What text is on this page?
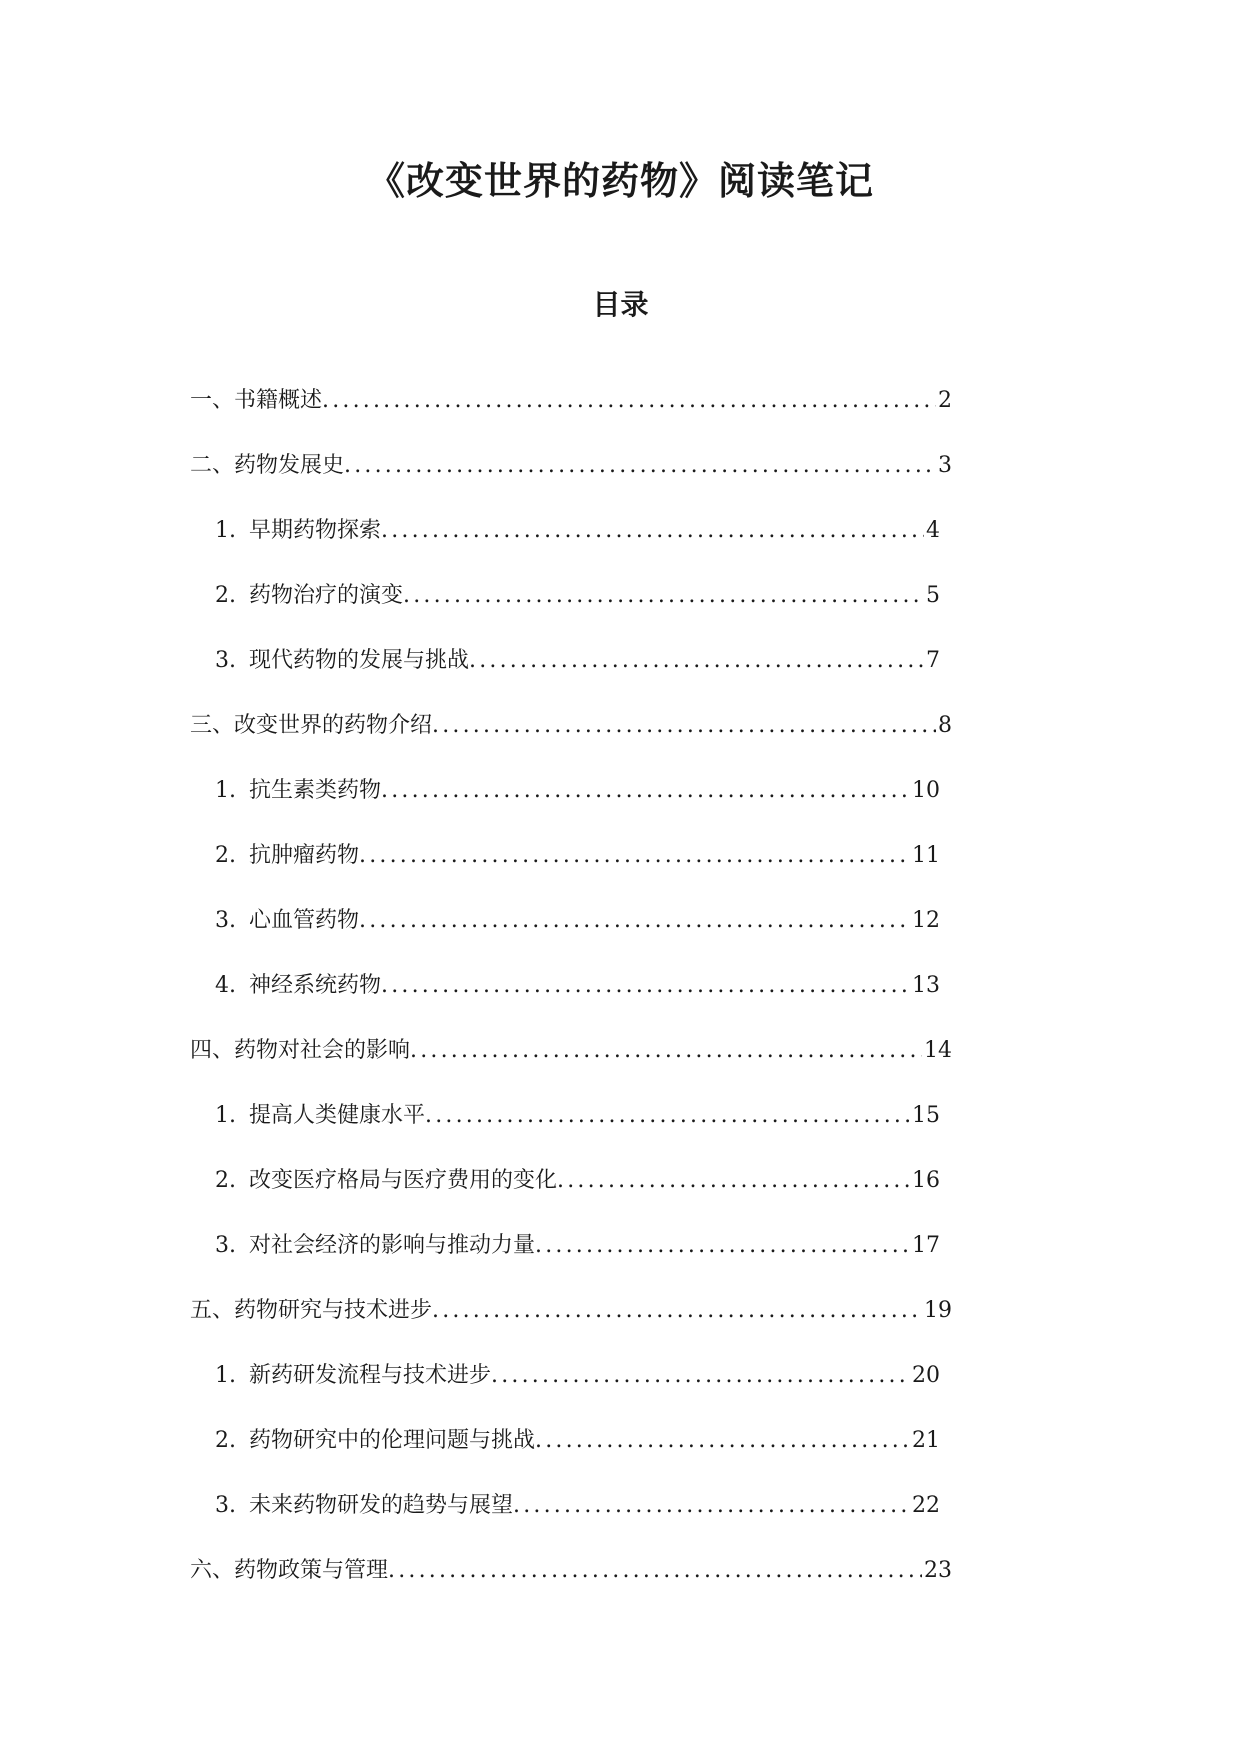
《改变世界的药物》阅读笔记
目录
一、书籍概述 .....	2
二、药物发展史 .....	3
1. 早期药物探索 .....	4
2. 药物治疗的演变 .....	5
3. 现代药物的发展与挑战 .....	7
三、改变世界的药物介绍 .....	8
1. 抗生素类药物 .....	10
2. 抗肿瘤药物 .....	11
3. 心血管药物 .....	12
4. 神经系统药物 .....	13
四、药物对社会的影响 .....	14
1. 提高人类健康水平 .....	15
2. 改变医疗格局与医疗费用的变化 .....	16
3. 对社会经济的影响与推动力量 .....	17
五、药物研究与技术进步 .....	19
1. 新药研发流程与技术进步 .....	20
2. 药物研究中的伦理问题与挑战 .....	21
3. 未来药物研发的趋势与展望 .....	22
六、药物政策与管理 .....	23
